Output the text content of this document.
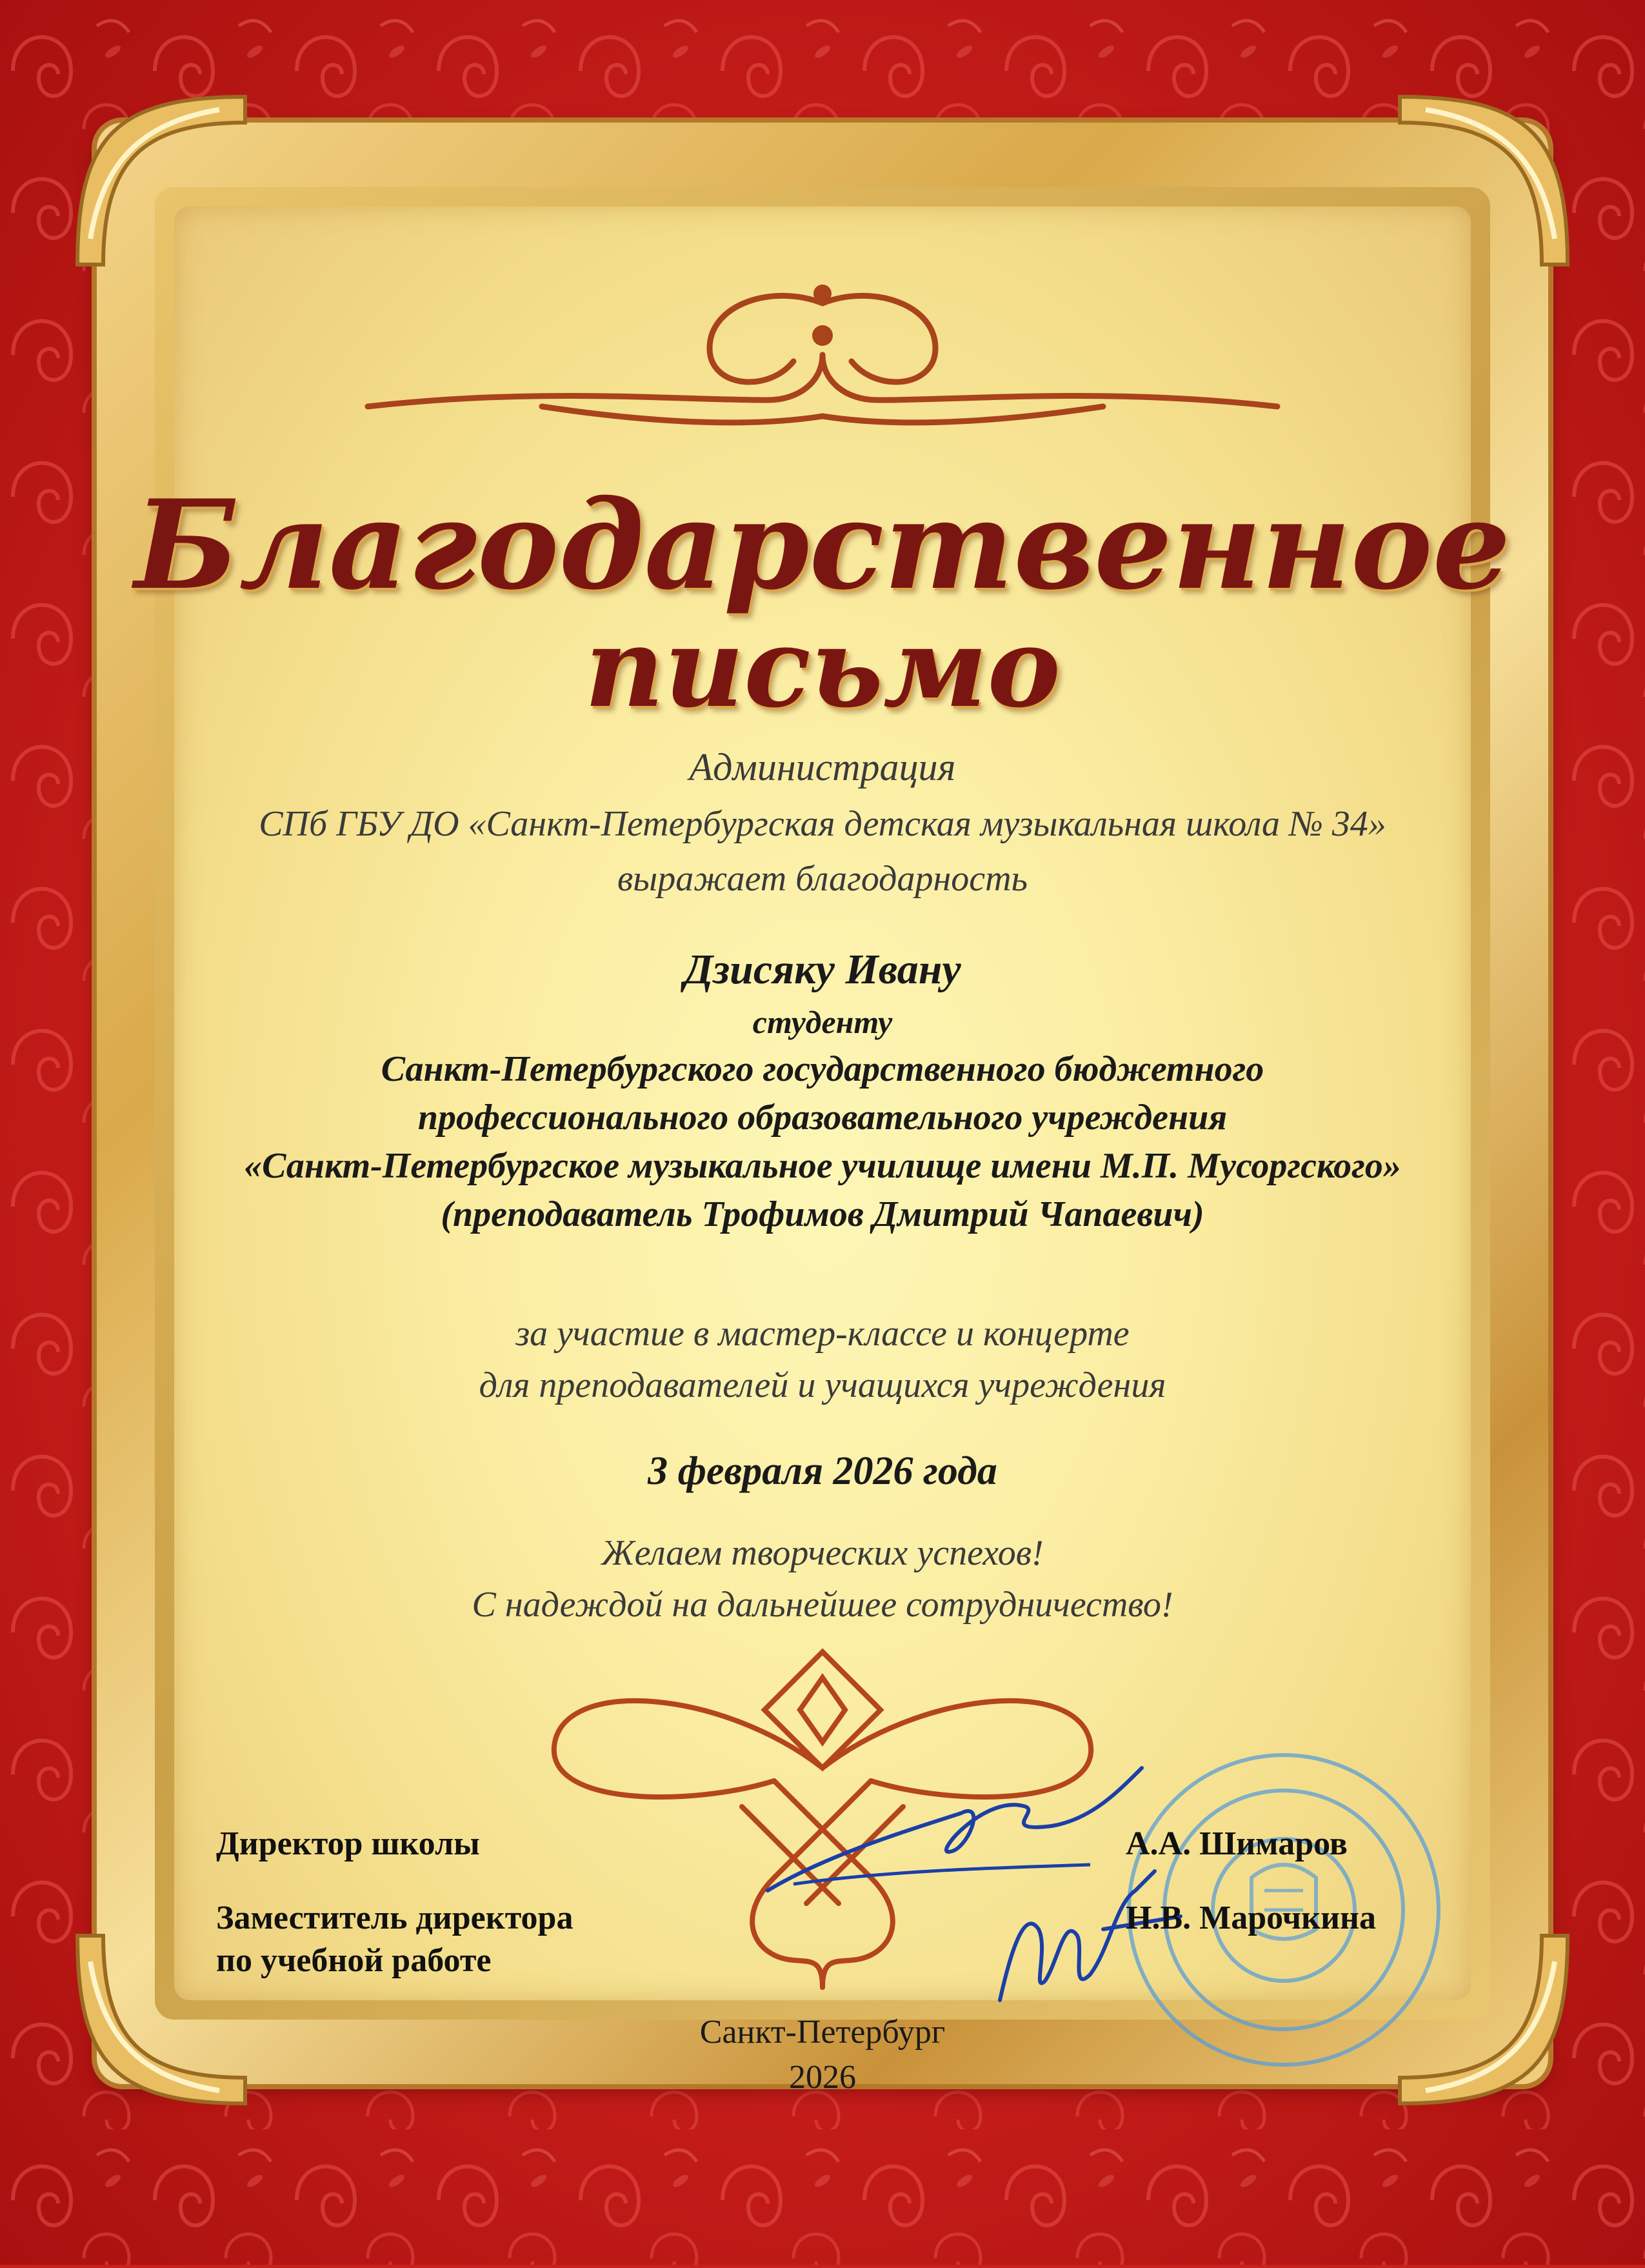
Благодарственное
письмо
Администрация
СПб ГБУ ДО «Санкт-Петербургская детская музыкальная школа № 34»
выражает благодарность
Дзисяку Ивану
студенту
Санкт-Петербургского государственного бюджетного
профессионального образовательного учреждения
«Санкт-Петербургское музыкальное училище имени М.П. Мусоргского»
(преподаватель Трофимов Дмитрий Чапаевич)
за участие в мастер-классе и концерте
для преподавателей и учащихся учреждения
3 февраля 2026 года
Желаем творческих успехов!
С надеждой на дальнейшее сотрудничество!
Директор школы	А.А. Шимаров
Заместитель директора
по учебной работе
Н.В. Марочкина
Санкт-Петербург
2026
